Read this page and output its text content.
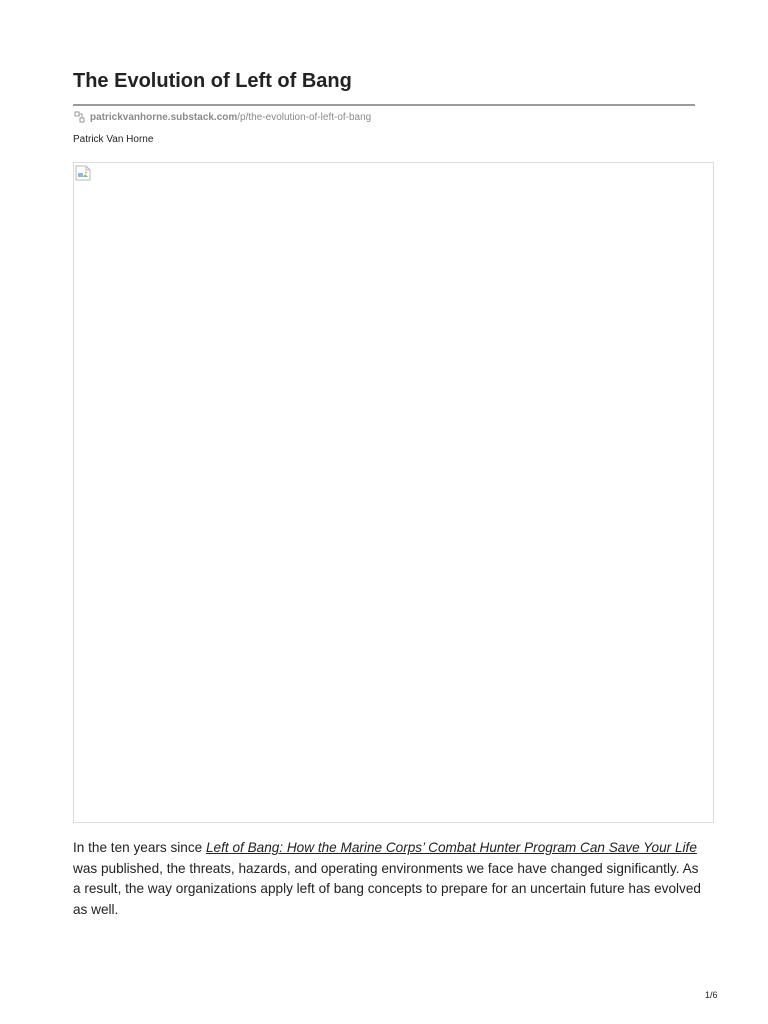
The Evolution of Left of Bang
patrickvanhorne.substack.com /p/the-evolution-of-left-of-bang
Patrick Van Horne

In the ten years since Left of Bang: How the Marine Corps’ Combat Hunter Program Can Save Your Life was published, the threats, hazards, and operating environments we face have changed significantly. As a result, the way organizations apply left of bang concepts to prepare for an uncertain future has evolved as well.

1/6
